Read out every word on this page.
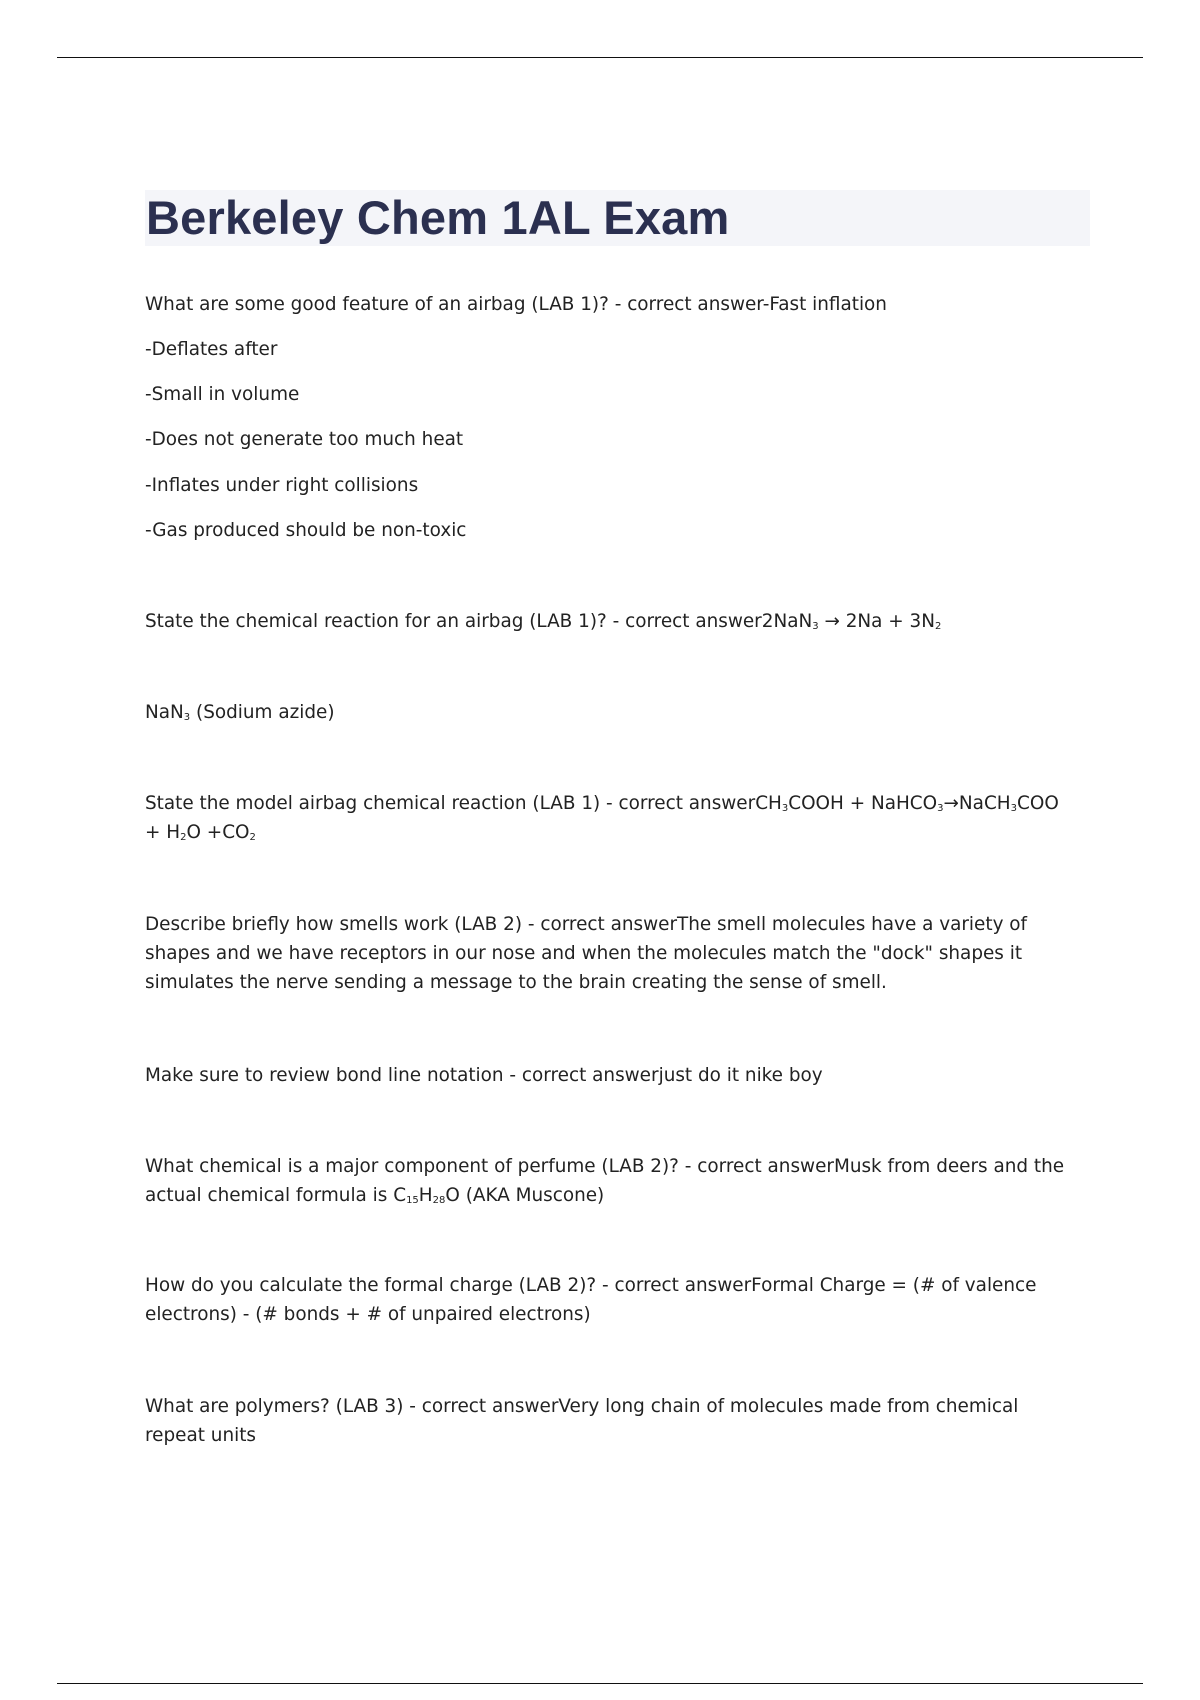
Berkeley Chem 1AL Exam

What are some good feature of an airbag (LAB 1)? - correct answer-Fast inflation

-Deflates after

-Small in volume

-Does not generate too much heat

-Inflates under right collisions

-Gas produced should be non-toxic

State the chemical reaction for an airbag (LAB 1)? - correct answer2NaN$_3$ → $2Na + 3N_2$

NaN$_3$ (Sodium azide)

State the model airbag chemical reaction (LAB 1) - correct answerCH$_3$COOH + NaHCO$_3$→NaCH$_3$COO + $H_2O +CO_2$

Describe briefly how smells work (LAB 2) - correct answerThe smell molecules have a variety of shapes and we have receptors in our nose and when the molecules match the "dock" shapes it simulates the nerve sending a message to the brain creating the sense of smell.

Make sure to review bond line notation - correct answerjust do it nike boy

What chemical is a major component of perfume (LAB 2)? - correct answerMusk from deers and the actual chemical formula is $C_{15}H_{28}O$ (AKA Muscone)

How do you calculate the formal charge (LAB 2)? - correct answerFormal Charge = (# of valence electrons) - (# bonds + # of unpaired electrons)

What are polymers? (LAB 3) - correct answerVery long chain of molecules made from chemical repeat units
